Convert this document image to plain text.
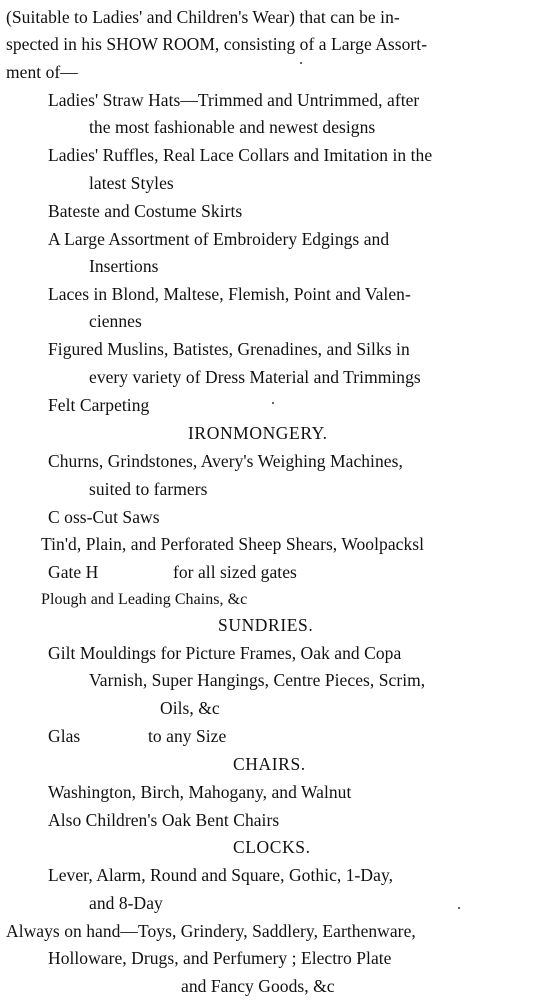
(Suitable to Ladies' and Children's Wear) that can be in-
spected in his SHOW ROOM, consisting of a Large Assort-
ment of—
Ladies' Straw Hats—Trimmed and Untrimmed, after
the most fashionable and newest designs
Ladies' Ruffles, Real Lace Collars and Imitation in the
latest Styles
Bateste and Costume Skirts
A Large Assortment of Embroidery Edgings and
Insertions
Laces in Blond, Maltese, Flemish, Point and Valen-
ciennes
Figured Muslins, Batistes, Grenadines, and Silks in
every variety of Dress Material and Trimmings
Felt Carpeting
IRONMONGERY.
Churns, Grindstones, Avery's Weighing Machines,
suited to farmers
C oss-Cut Saws
Tin'd, Plain, and Perforated Sheep Shears, Woolpacksl
Gate H	for all sized gates
Plough and Leading Chains, &c
SUNDRIES.
Gilt Mouldings for Picture Frames, Oak and Copa
Varnish, Super Hangings, Centre Pieces, Scrim,
Oils, &c
Glas	to any Size
CHAIRS.
Washington, Birch, Mahogany, and Walnut
Also Children's Oak Bent Chairs
CLOCKS.
Lever, Alarm, Round and Square, Gothic, 1-Day,
and 8-Day
Always on hand—Toys, Grindery, Saddlery, Earthenware,
Holloware, Drugs, and Perfumery ; Electro Plate
and Fancy Goods, &c
